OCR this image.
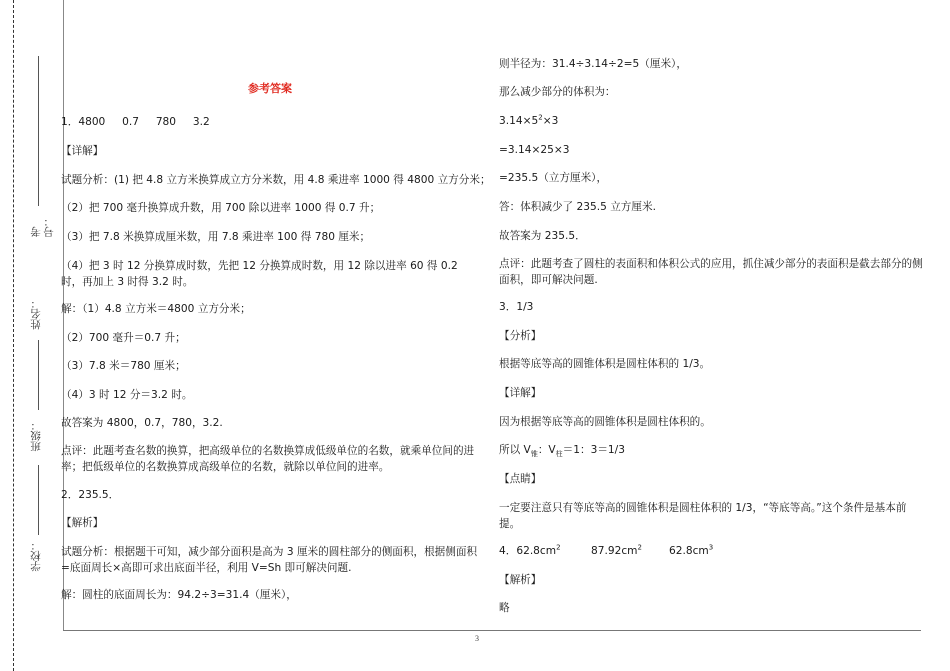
考号：
姓名：
班级：
学校：

参考答案

1．4800     0.7     780     3.2

【详解】

试题分析：(1) 把 4.8 立方米换算成立方分米数，用 4.8 乘进率 1000 得 4800 立方分米；

（2）把 700 毫升换算成升数，用 700 除以进率 1000 得 0.7 升；

（3）把 7.8 米换算成厘米数，用 7.8 乘进率 100 得 780 厘米；

（4）把 3 时 12 分换算成时数，先把 12 分换算成时数，用 12 除以进率 60 得 0.2 时，再加上 3 时得 3.2 时。

解：（1）4.8 立方米＝4800 立方分米；

（2）700 毫升＝0.7 升；

（3）7.8 米＝780 厘米；

（4）3 时 12 分＝3.2 时。

故答案为 4800，0.7，780，3.2.

点评：此题考查名数的换算，把高级单位的名数换算成低级单位的名数，就乘单位间的进率；把低级单位的名数换算成高级单位的名数，就除以单位间的进率。

2．235.5．

【解析】

试题分析：根据题干可知，减少部分面积是高为 3 厘米的圆柱部分的侧面积，根据侧面积=底面周长×高即可求出底面半径，利用 V=Sh 即可解决问题.

解：圆柱的底面周长为：94.2÷3=31.4（厘米），

则半径为：31.4÷3.14÷2=5（厘米），

那么减少部分的体积为：

$3.14\times 5^2\times 3$

=3.14×25×3

=235.5（立方厘米），

答：体积减少了 235.5 立方厘米.

故答案为 235.5．

点评：此题考查了圆柱的表面积和体积公式的应用，抓住减少部分的表面积是截去部分的侧面积，即可解决问题.

3．1/3

【分析】

根据等底等高的圆锥体积是圆柱体积的 1/3。

【详解】

因为根据等底等高的圆锥体积是圆柱体积的。

所以 $V_锥$：$V_柱=1$：3＝1/3

【点睛】

一定要注意只有等底等高的圆锥体积是圆柱体积的 1/3，“等底等高。”这个条件是基本前提。

4．$62.8cm^2$	$87.92cm^2$	$62.8cm^3$

【解析】

略

3
